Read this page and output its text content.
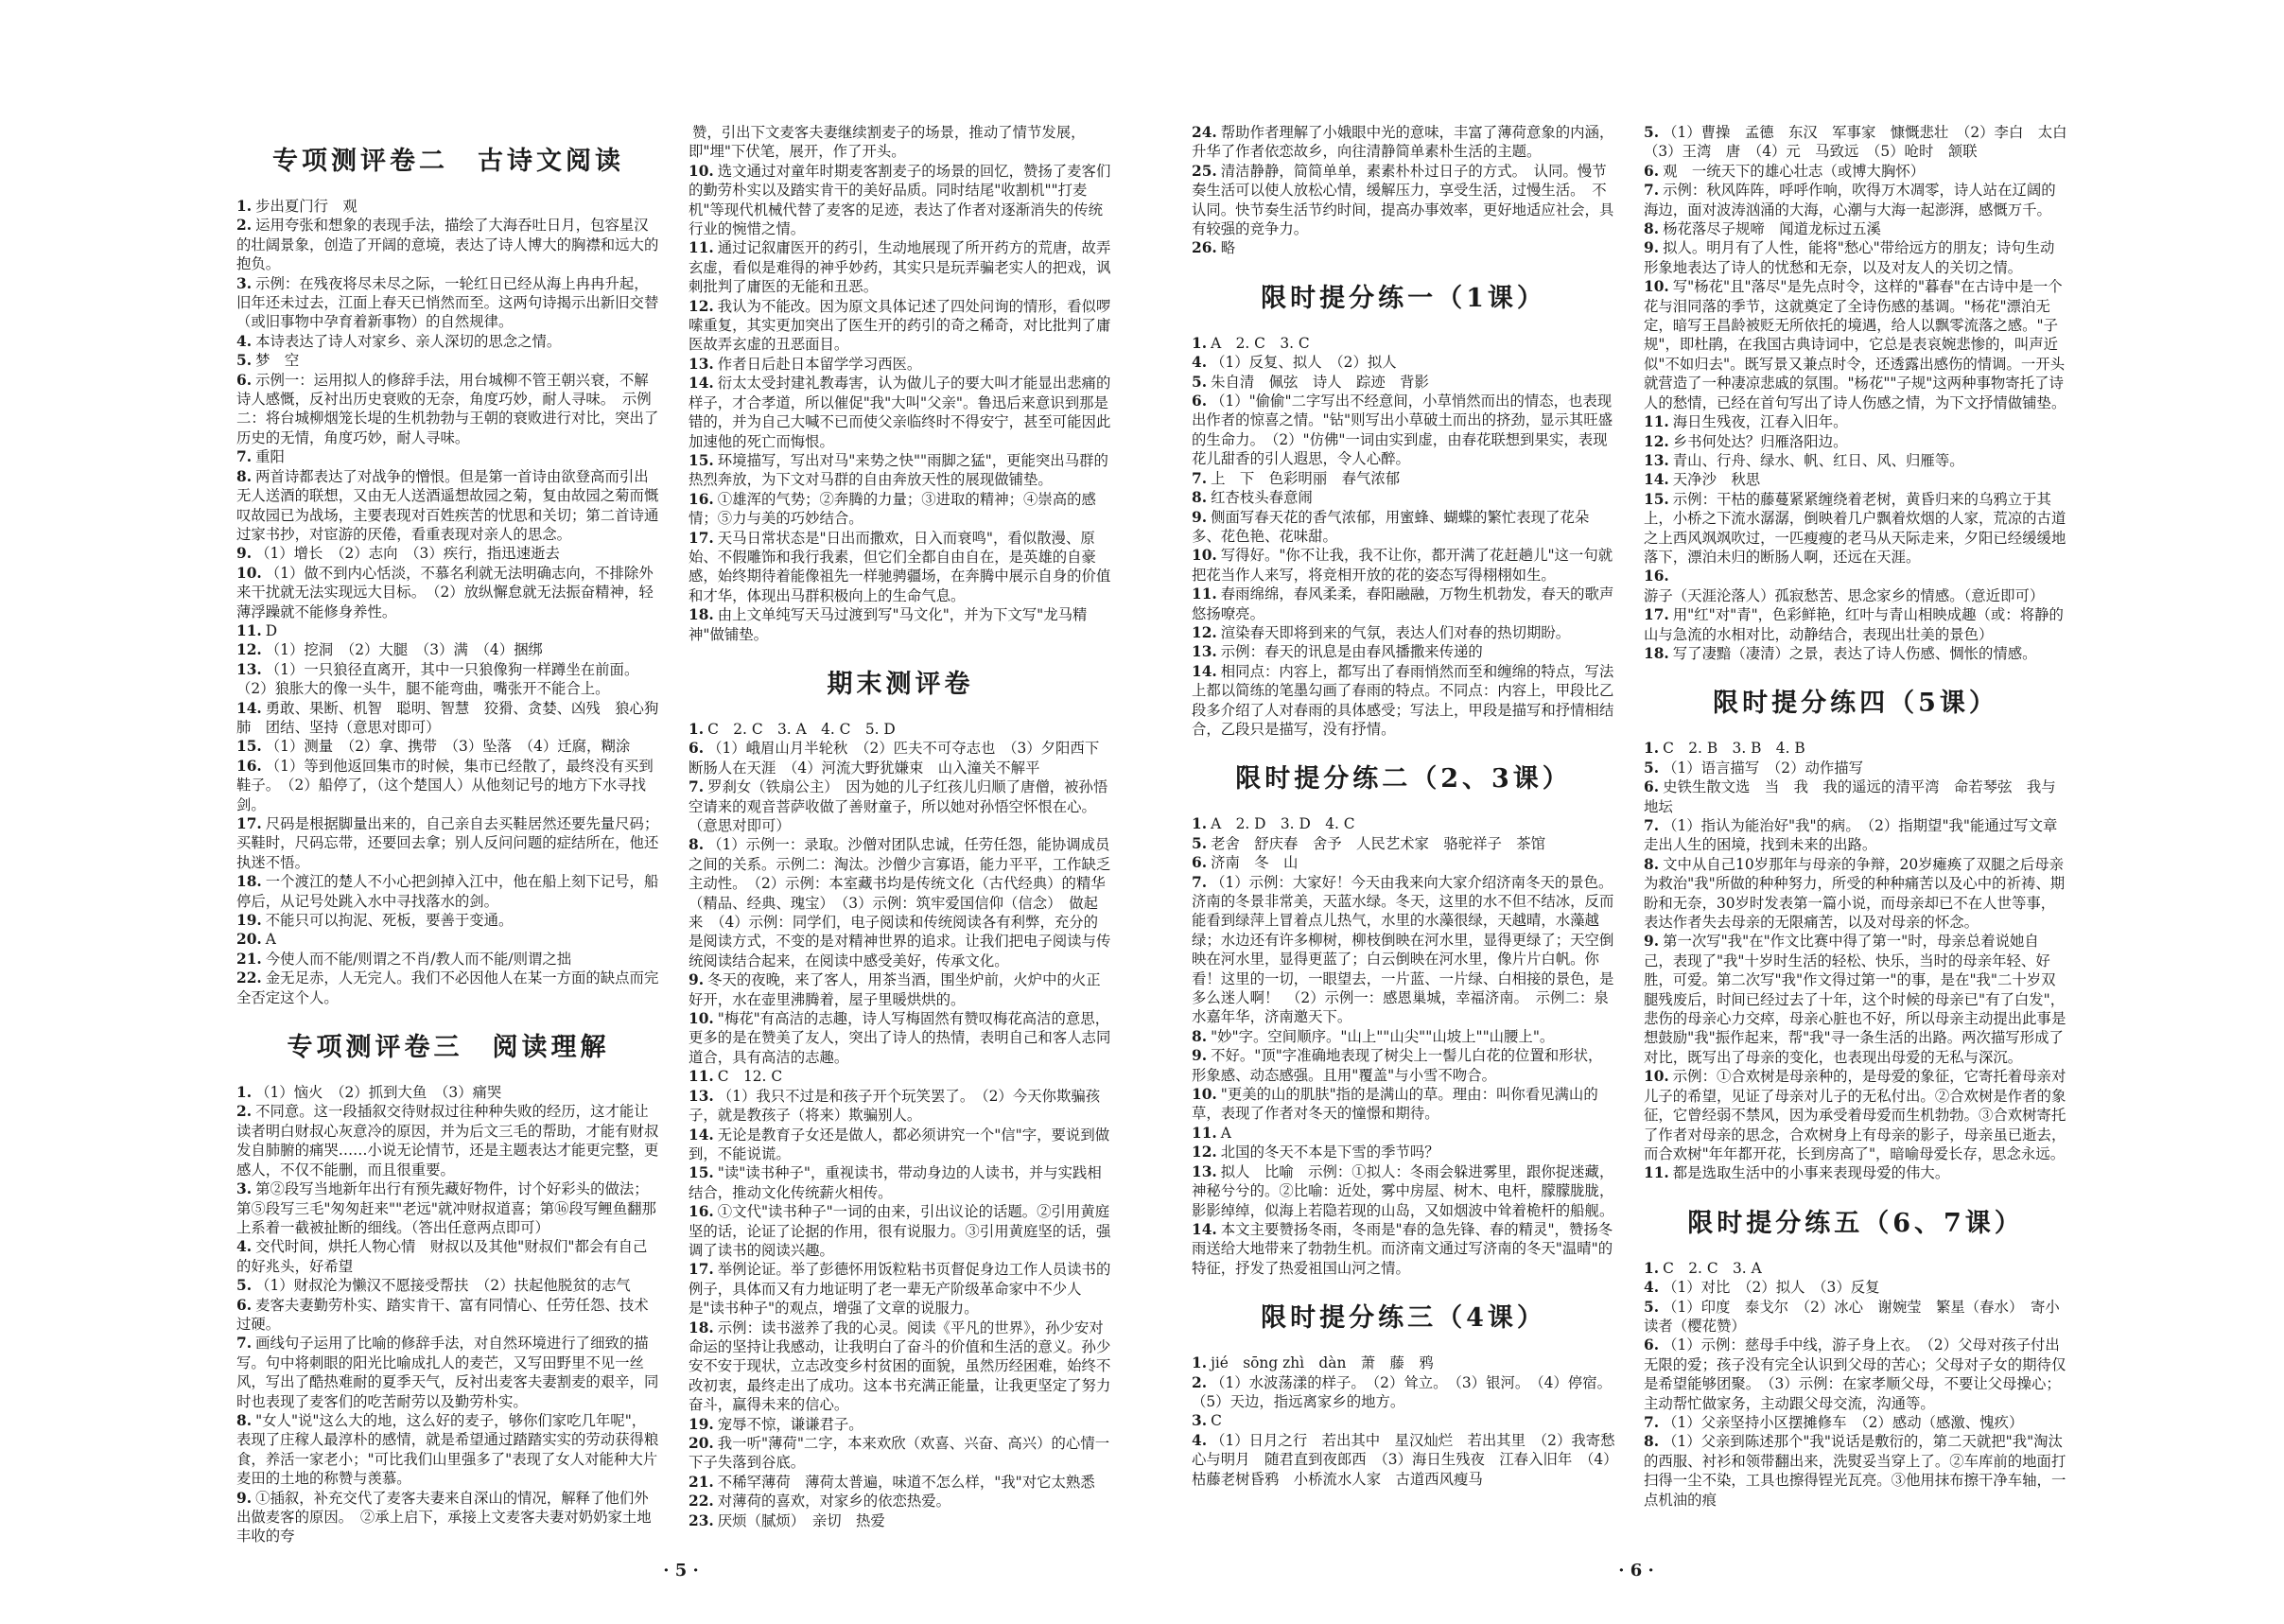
专项测评卷二　古诗文阅读
1. 步出夏门行　观
2. 运用夸张和想象的表现手法，描绘了大海吞吐日月，包容星汉的壮阔景象，创造了开阔的意境，表达了诗人博大的胸襟和远大的抱负。
3. 示例：在残夜将尽未尽之际，一轮红日已经从海上冉冉升起，旧年还未过去，江面上春天已悄然而至。这两句诗揭示出新旧交替（或旧事物中孕育着新事物）的自然规律。
4. 本诗表达了诗人对家乡、亲人深切的思念之情。
5. 梦　空
6. 示例一：运用拟人的修辞手法，用台城柳不管王朝兴衰，不解诗人感慨，反衬出历史衰败的无奈，角度巧妙，耐人寻味。　示例二：将台城柳烟笼长堤的生机勃勃与王朝的衰败进行对比，突出了历史的无情，角度巧妙，耐人寻味。
7. 重阳
8. 两首诗都表达了对战争的憎恨。但是第一首诗由欲登高而引出无人送酒的联想，又由无人送酒遥想故园之菊，复由故园之菊而慨叹故园已为战场，主要表现对百姓疾苦的忧思和关切；第二首诗通过家书抄，对宦游的厌倦，看重表现对亲人的思念。
9. （1）增长　（2）志向　（3）疾行，指迅速逝去
10. （1）做不到内心恬淡，不慕名利就无法明确志向，不排除外来干扰就无法实现远大目标。　（2）放纵懈怠就无法振奋精神，轻薄浮躁就不能修身养性。
11. D
12. （1）挖洞　（2）大腿　（3）满　（4）捆绑
13. （1）一只狼径直离开，其中一只狼像狗一样蹲坐在前面。　（2）狼胀大的像一头牛，腿不能弯曲，嘴张开不能合上。
14. 勇敢、果断、机智　聪明、智慧　狡猾、贪婪、凶残　狼心狗肺　团结、坚持（意思对即可）
15. （1）测量　（2）拿、携带　（3）坠落　（4）迁腐，糊涂
16. （1）等到他返回集市的时候，集市已经散了，最终没有买到鞋子。　（2）船停了，（这个楚国人）从他刻记号的地方下水寻找剑。
17. 尺码是根据脚量出来的，自己亲自去买鞋居然还要先量尺码；买鞋时，尺码忘带，还要回去拿；别人反问问题的症结所在，他还执迷不悟。
18. 一个渡江的楚人不小心把剑掉入江中，他在船上刻下记号，船停后，从记号处跳入水中寻找落水的剑。
19. 不能只可以拘泥、死板，要善于变通。
20. A
21. 今使人而不能/则谓之不肖/教人而不能/则谓之拙
22. 金无足赤，人无完人。我们不必因他人在某一方面的缺点而完全否定这个人。
专项测评卷三　阅读理解
1. （1）恼火　（2）抓到大鱼　（3）痛哭
2. 不同意。这一段插叙交待财叔过往种种失败的经历，这才能让读者明白财叔心灰意冷的原因，并为后文三毛的帮助，才能有财叔发自肺腑的痛哭……小说无论情节，还是主题表达才能更完整，更感人，不仅不能删，而且很重要。
3. 第②段写当地新年出行有预先藏好物件，讨个好彩头的做法；第⑤段写三毛"匆匆赶来""老远"就冲财叔道喜；第⑯段写鲤鱼翻那上系着一截被扯断的细线。（答出任意两点即可）
4. 交代时间，烘托人物心情　财叔以及其他"财叔们"都会有自己的好兆头，好希望
5. （1）财叔沦为懒汉不愿接受帮扶　（2）扶起他脱贫的志气
6. 麦客夫妻勤劳朴实、踏实肯干、富有同情心、任劳任怨、技术过硬。
7. 画线句子运用了比喻的修辞手法，对自然环境进行了细致的描写。句中将刺眼的阳光比喻成扎人的麦芒，又写田野里不见一丝风，写出了酷热难耐的夏季天气，反衬出麦客夫妻割麦的艰辛，同时也表现了麦客们的吃苦耐劳以及勤劳朴实。
8. "女人"说"这么大的地，这么好的麦子，够你们家吃几年呢"，表现了庄稼人最淳朴的感情，就是希望通过踏踏实实的劳动获得粮食，养活一家老小；"可比我们山里强多了"表现了女人对能种大片麦田的土地的称赞与羡慕。
9. ①插叙，补充交代了麦客夫妻来自深山的情况，解释了他们外出做麦客的原因。　②承上启下，承接上文麦客夫妻对奶奶家土地丰收的夸
赞，引出下文麦客夫妻继续割麦子的场景，推动了情节发展，即"埋"下伏笔，展开，作了开头。
10. 选文通过对童年时期麦客割麦子的场景的回忆，赞扬了麦客们的勤劳朴实以及踏实肯干的美好品质。同时结尾"收割机""打麦机"等现代机械代替了麦客的足迹，表达了作者对逐渐消失的传统行业的惋惜之情。
11. 通过记叙庸医开的药引，生动地展现了所开药方的荒唐，故弄玄虚，看似是难得的神乎妙药，其实只是玩弄骗老实人的把戏，讽刺批判了庸医的无能和丑恶。
12. 我认为不能改。因为原文具体记述了四处问询的情形，看似啰嗦重复，其实更加突出了医生开的药引的奇之稀奇，对比批判了庸医故弄玄虚的丑恶面目。
13. 作者日后赴日本留学学习西医。
14. 衍太太受封建礼教毒害，认为做儿子的要大叫才能显出悲痛的样子，才合孝道，所以催促"我"大叫"父亲"。鲁迅后来意识到那是错的，并为自己大喊不已而使父亲临终时不得安宁，甚至可能因此加速他的死亡而悔恨。
15. 环境描写，写出对马"来势之快""雨脚之猛"，更能突出马群的热烈奔放，为下文对马群的自由奔放天性的展现做铺垫。
16. ①雄浑的气势；②奔腾的力量；③进取的精神；④崇高的感情；⑤力与美的巧妙结合。
17. 天马日常状态是"日出而撒欢，日入而衰鸣"，看似散漫、原始、不假雕饰和我行我素，但它们全都自由自在，是英雄的自豪感，始终期待着能像祖先一样驰骋疆场，在奔腾中展示自身的价值和才华，体现出马群积极向上的生命气息。
18. 由上文单纯写天马过渡到写"马文化"，并为下文写"龙马精神"做铺垫。
期末测评卷
1. C　2. C　3. A　4. C　5. D
6. （1）峨眉山月半轮秋　（2）匹夫不可夺志也　（3）夕阳西下　断肠人在天涯　（4）河流大野犹嫌束　山入潼关不解平
7. 罗刹女（铁扇公主）　因为她的儿子红孩儿归顺了唐僧，被孙悟空请来的观音菩萨收做了善财童子，所以她对孙悟空怀恨在心。（意思对即可）
8. （1）示例一：录取。沙僧对团队忠诚，任劳任怨，能协调成员之间的关系。示例二：淘汰。沙僧少言寡语，能力平平，工作缺乏主动性。　（2）示例：本室藏书均是传统文化（古代经典）的精华（精品、经典、瑰宝）　（3）示例：筑牢爱国信仰（信念）　做起来　（4）示例：同学们，电子阅读和传统阅读各有利弊，充分的是阅读方式，不变的是对精神世界的追求。让我们把电子阅读与传统阅读结合起来，在阅读中感受美好，传承文化。
9. 冬天的夜晚，来了客人，用茶当酒，围坐炉前，火炉中的火正好开，水在壶里沸腾着，屋子里暖烘烘的。
10. "梅花"有高洁的志趣，诗人写梅固然有赞叹梅花高洁的意思，更多的是在赞美了友人，突出了诗人的热情，表明自己和客人志同道合，具有高洁的志趣。
11. C　12. C
13. （1）我只不过是和孩子开个玩笑罢了。　（2）今天你欺骗孩子，就是教孩子（将来）欺骗别人。
14. 无论是教育子女还是做人，都必须讲究一个"信"字，要说到做到，不能说谎。
15. "读"读书种子"，重视读书，带动身边的人读书，并与实践相结合，推动文化传统薪火相传。
16. ①文代"读书种子"一词的由来，引出议论的话题。②引用黄庭坚的话，论证了论据的作用，很有说服力。③引用黄庭坚的话，强调了读书的阅读兴趣。
17. 举例论证。举了彭德怀用饭粒粘书页督促身边工作人员读书的例子，具体而又有力地证明了老一辈无产阶级革命家中不少人是"读书种子"的观点，增强了文章的说服力。
18. 示例：读书滋养了我的心灵。阅读《平凡的世界》，孙少安对命运的坚持让我感动，让我明白了奋斗的价值和生活的意义。孙少安不安于现状，立志改变乡村贫困的面貌，虽然历经困难，始终不改初衷，最终走出了成功。这本书充满正能量，让我更坚定了努力奋斗，赢得未来的信心。
19. 宠辱不惊，谦谦君子。
20. 我一听"薄荷"二字，本来欢欣（欢喜、兴奋、高兴）的心情一下子失落到谷底。
21. 不稀罕薄荷　薄荷太普遍，味道不怎么样，"我"对它太熟悉
22. 对薄荷的喜欢，对家乡的依恋热爱。
23. 厌烦（腻烦）　亲切　热爱
24. 帮助作者理解了小娥眼中光的意味，丰富了薄荷意象的内涵，升华了作者依恋故乡，向往清静简单素朴生活的主题。
25. 清洁静静，简简单单，素素朴朴过日子的方式。　认同。慢节奏生活可以使人放松心情，缓解压力，享受生活，过慢生活。　不认同。快节奏生活节约时间，提高办事效率，更好地适应社会，具有较强的竞争力。
26. 略
限时提分练一（1课）
1. A　2. C　3. C
4. （1）反复、拟人　（2）拟人
5. 朱自清　佩弦　诗人　踪迹　背影
6. （1）"偷偷"二字写出不经意间，小草悄然而出的情态，也表现出作者的惊喜之情。"钻"则写出小草破土而出的挤劲，显示其旺盛的生命力。　（2）"仿佛"一词由实到虚，由春花联想到果实，表现花儿甜香的引人遐思，令人心醉。
7. 上　下　色彩明丽　春气浓郁
8. 红杏枝头春意闹
9. 侧面写春天花的香气浓郁，用蜜蜂、蝴蝶的繁忙表现了花朵多、花色艳、花味甜。
10. 写得好。"你不让我，我不让你，都开满了花赶趟儿"这一句就把花当作人来写，将竞相开放的花的姿态写得栩栩如生。
11. 春雨绵绵，春风柔柔，春阳融融，万物生机勃发，春天的歌声悠扬嘹亮。
12. 渲染春天即将到来的气氛，表达人们对春的热切期盼。
13. 示例：春天的讯息是由春风播撒来传递的
14. 相同点：内容上，都写出了春雨悄然而至和缠绵的特点，写法上都以简练的笔墨勾画了春雨的特点。不同点：内容上，甲段比乙段多介绍了人对春雨的具体感受；写法上，甲段是描写和抒情相结合，乙段只是描写，没有抒情。
限时提分练二（2、3课）
1. A　2. D　3. D　4. C
5. 老舍　舒庆春　舍予　人民艺术家　骆驼祥子　茶馆
6. 济南　冬　山
7. （1）示例：大家好！今天由我来向大家介绍济南冬天的景色。济南的冬景非常美，天蓝水绿。冬天，这里的水不但不结冰，反而能看到绿萍上冒着点儿热气，水里的水藻很绿，天越晴，水藻越绿；水边还有许多柳树，柳枝倒映在河水里，显得更绿了；天空倒映在河水里，显得更蓝了；白云倒映在河水里，像片片白帆。你看！这里的一切，一眼望去，一片蓝、一片绿、白相接的景色，是多么迷人啊！　（2）示例一：感恩巢城，幸福济南。　示例二：泉水嘉年华，济南邀天下。
8. "妙"字。空间顺序。"山上""山尖""山坡上""山腰上"。
9. 不好。"顶"字准确地表现了树尖上一髻儿白花的位置和形状，形象感、动态感强。且用"覆盖"与小雪不吻合。
10. "更美的山的肌肤"指的是满山的草。理由：叫你看见满山的草，表现了作者对冬天的憧憬和期待。
11. A
12. 北国的冬天不本是下雪的季节吗？
13. 拟人　比喻　示例：①拟人：冬雨会躲进雾里，跟你捉迷藏，神秘兮兮的。②比喻：近处，雾中房屋、树木、电杆，朦朦胧胧，影影绰绰，似海上若隐若现的山岛，又如烟波中耸着桅杆的船舰。
14. 本文主要赞扬冬雨，冬雨是"春的急先锋、春的精灵"，赞扬冬雨送给大地带来了勃勃生机。而济南文通过写济南的冬天"温晴"的特征，抒发了热爱祖国山河之情。
限时提分练三（4课）
1. jié　sōng zhì　dàn　萧　藤　鸦
2. （1）水波荡漾的样子。　（2）耸立。　（3）银河。　（4）停宿。　（5）天边，指远离家乡的地方。
3. C
4. （1）日月之行　若出其中　星汉灿烂　若出其里　（2）我寄愁心与明月　随君直到夜郎西　（3）海日生残夜　江春入旧年　（4）枯藤老树昏鸦　小桥流水人家　古道西风瘦马
5. （1）曹操　孟德　东汉　军事家　慷慨悲壮　（2）李白　太白　（3）王湾　唐　（4）元　马致远　（5）呛时　颔联
6. 观　一统天下的雄心壮志（或博大胸怀）
7. 示例：秋风阵阵，呼呼作响，吹得万木凋零，诗人站在辽阔的海边，面对波涛汹涌的大海，心潮与大海一起澎湃，感慨万千。
8. 杨花落尽子规啼　闻道龙标过五溪
9. 拟人。明月有了人性，能将"愁心"带给远方的朋友；诗句生动形象地表达了诗人的忧愁和无奈，以及对友人的关切之情。
10. 写"杨花"且"落尽"是先点时令，这样的"暮春"在古诗中是一个花与泪同落的季节，这就奠定了全诗伤感的基调。"杨花"漂泊无定，暗写王昌龄被贬无所依托的境遇，给人以飘零流落之感。"子规"，即杜鹃，在我国古典诗词中，它总是表哀婉悲惨的，叫声近似"不如归去"。既写景又兼点时令，还透露出感伤的情调。一开头就营造了一种凄凉悲戚的氛围。"杨花""子规"这两种事物寄托了诗人的愁情，已经在首句写出了诗人伤感之情，为下文抒情做铺垫。
11. 海日生残夜，江春入旧年。
12. 乡书何处达？归雁洛阳边。
13. 青山、行舟、绿水、帆、红日、风、归雁等。
14. 天净沙　秋思
15. 示例：干枯的藤蔓紧紧缠绕着老树，黄昏归来的乌鸦立于其上，小桥之下流水潺潺，倒映着几户飘着炊烟的人家，荒凉的古道之上西风飒飒吹过，一匹瘦瘦的老马从天际走来，夕阳已经缓缓地落下，漂泊未归的断肠人啊，还远在天涯。
16.游子（天涯沦落人）孤寂愁苦、思念家乡的情感。（意近即可）
17. 用"红"对"青"，色彩鲜艳，红叶与青山相映成趣（或：将静的山与急流的水相对比，动静结合，表现出壮美的景色）
18. 写了凄黯（凄清）之景，表达了诗人伤感、惆怅的情感。
限时提分练四（5课）
1. C　2. B　3. B　4. B
5. （1）语言描写　（2）动作描写
6. 史铁生散文选　当　我　我的遥远的清平湾　命若琴弦　我与地坛
7. （1）指认为能治好"我"的病。　（2）指期望"我"能通过写文章走出人生的困境，找到未来的出路。
8. 文中从自己10岁那年与母亲的争辩，20岁瘫痪了双腿之后母亲为救治"我"所做的种种努力，所受的种种痛苦以及心中的祈祷、期盼和无奈，30岁时发表第一篇小说，而母亲却已不在人世等事，表达作者失去母亲的无限痛苦，以及对母亲的怀念。
9. 第一次写"我"在"作文比赛中得了第一"时，母亲总着说她自己，表现了"我"十岁时生活的轻松、快乐，当时的母亲年轻、好胜，可爱。第二次写"我"作文得过第一"的事，是在"我"二十岁双腿残废后，时间已经过去了十年，这个时候的母亲已"有了白发"，悲伤的母亲心力交瘁，母亲心脏也不好，所以母亲主动提出此事是想鼓励"我"振作起来，帮"我"寻一条生活的出路。两次描写形成了对比，既写出了母亲的变化，也表现出母爱的无私与深沉。
10. 示例：①合欢树是母亲种的，是母爱的象征，它寄托着母亲对儿子的希望，见证了母亲对儿子的无私付出。②合欢树是作者的象征，它曾经弱不禁风，因为承受着母爱而生机勃勃。③合欢树寄托了作者对母亲的思念，合欢树身上有母亲的影子，母亲虽已逝去，而合欢树"年年都开花，长到房高了"，暗喻母爱长存，思念永远。
11. 都是选取生活中的小事来表现母爱的伟大。
限时提分练五（6、7课）
1. C　2. C　3. A
4. （1）对比　（2）拟人　（3）反复
5. （1）印度　泰戈尔　（2）冰心　谢婉莹　繁星（春水）　寄小读者（樱花赞）
6. （1）示例：慈母手中线，游子身上衣。　（2）父母对孩子付出无限的爱；孩子没有完全认识到父母的苦心；父母对子女的期待仅是希望能够团聚。　（3）示例：在家孝顺父母，不要让父母操心；主动帮忙做家务，主动跟父母交流，沟通等。
7. （1）父亲坚持小区摆摊修车　（2）感动（感激、愧疚）
8. （1）父亲到陈述那个"我"说话是敷衍的，第二天就把"我"淘汰的西服、衬衫和领带翻出来，洗熨妥当穿上了。②车库前的地面打扫得一尘不染，工具也擦得锃光瓦亮。③他用抹布擦干净车轴，一点机油的痕
· 5 ·	· 6 ·
